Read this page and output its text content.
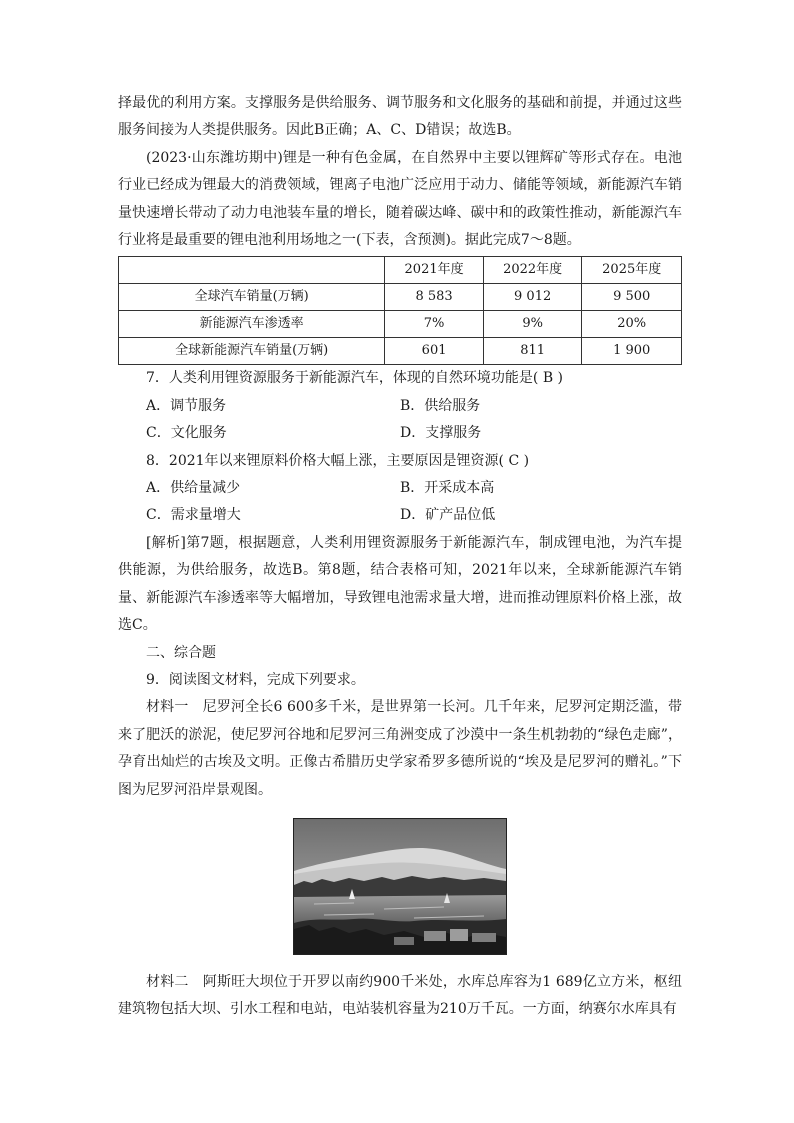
择最优的利用方案。支撑服务是供给服务、调节服务和文化服务的基础和前提，并通过这些服务间接为人类提供服务。因此B正确；A、C、D错误；故选B。

(2023·山东潍坊期中)锂是一种有色金属，在自然界中主要以锂辉矿等形式存在。电池行业已经成为锂最大的消费领域，锂离子电池广泛应用于动力、储能等领域，新能源汽车销量快速增长带动了动力电池装车量的增长，随着碳达峰、碳中和的政策性推动，新能源汽车行业将是最重要的锂电池利用场地之一(下表，含预测)。据此完成7～8题。

	2021年度	2022年度	2025年度
全球汽车销量(万辆)	8 583	9 012	9 500
新能源汽车渗透率	7%	9%	20%
全球新能源汽车销量(万辆)	601	811	1 900

7．人类利用锂资源服务于新能源汽车，体现的自然环境功能是( B )

A．调节服务	B．供给服务
C．文化服务	D．支撑服务

8．2021年以来锂原料价格大幅上涨，主要原因是锂资源( C )

A．供给量减少	B．开采成本高
C．需求量增大	D．矿产品位低

[解析]第7题，根据题意，人类利用锂资源服务于新能源汽车，制成锂电池，为汽车提供能源，为供给服务，故选B。第8题，结合表格可知，2021年以来，全球新能源汽车销量、新能源汽车渗透率等大幅增加，导致锂电池需求量大增，进而推动锂原料价格上涨，故选C。

二、综合题

9．阅读图文材料，完成下列要求。

材料一　尼罗河全长6 600多千米，是世界第一长河。几千年来，尼罗河定期泛滥，带来了肥沃的淤泥，使尼罗河谷地和尼罗河三角洲变成了沙漠中一条生机勃勃的“绿色走廊”，孕育出灿烂的古埃及文明。正像古希腊历史学家希罗多德所说的“埃及是尼罗河的赠礼。”下图为尼罗河沿岸景观图。

材料二　阿斯旺大坝位于开罗以南约900千米处，水库总库容为1 689亿立方米，枢纽建筑物包括大坝、引水工程和电站，电站装机容量为210万千瓦。一方面，纳赛尔水库具有
